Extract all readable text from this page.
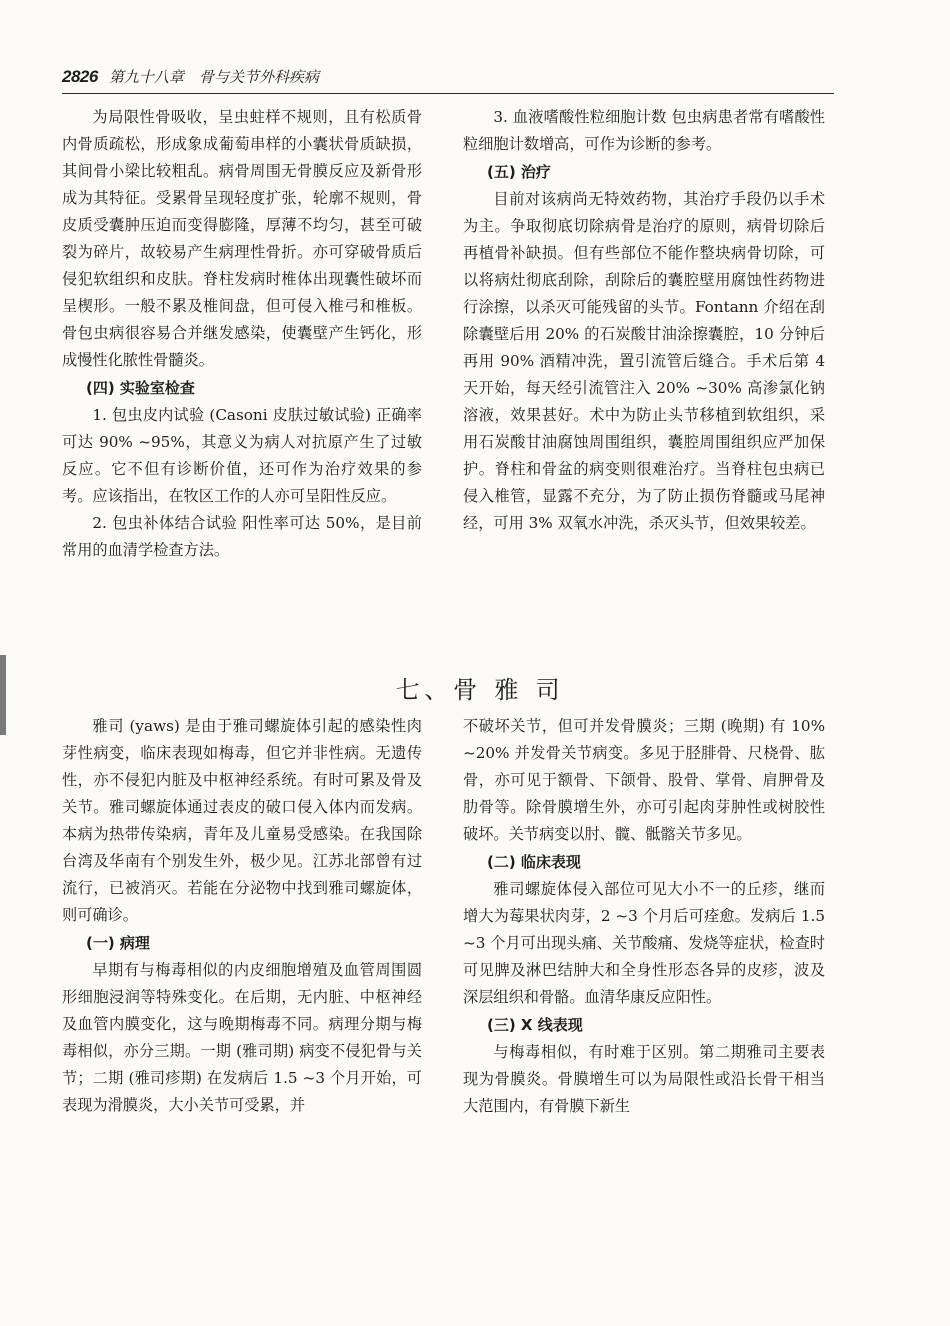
2826 第九十八章 骨与关节外科疾病

为局限性骨吸收，呈虫蛀样不规则，且有松质骨内骨质疏松，形成象成葡萄串样的小囊状骨质缺损，其间骨小梁比较粗乱。病骨周围无骨膜反应及新骨形成为其特征。受累骨呈现轻度扩张，轮廓不规则，骨皮质受囊肿压迫而变得膨隆，厚薄不均匀，甚至可破裂为碎片，故较易产生病理性骨折。亦可穿破骨质后侵犯软组织和皮肤。脊柱发病时椎体出现囊性破坏而呈楔形。一般不累及椎间盘，但可侵入椎弓和椎板。骨包虫病很容易合并继发感染，使囊壁产生钙化，形成慢性化脓性骨髓炎。

(四) 实验室检查

1. 包虫皮内试验 (Casoni 皮肤过敏试验) 正确率可达 90% ~95%，其意义为病人对抗原产生了过敏反应。它不但有诊断价值，还可作为治疗效果的参考。应该指出，在牧区工作的人亦可呈阳性反应。

2. 包虫补体结合试验 阳性率可达 50%，是目前常用的血清学检查方法。

3. 血液嗜酸性粒细胞计数 包虫病患者常有嗜酸性粒细胞计数增高，可作为诊断的参考。

(五) 治疗

目前对该病尚无特效药物，其治疗手段仍以手术为主。争取彻底切除病骨是治疗的原则，病骨切除后再植骨补缺损。但有些部位不能作整块病骨切除，可以将病灶彻底刮除，刮除后的囊腔壁用腐蚀性药物进行涂擦，以杀灭可能残留的头节。Fontann 介绍在刮除囊壁后用 20% 的石炭酸甘油涂擦囊腔，10 分钟后再用 90% 酒精冲洗，置引流管后缝合。手术后第 4 天开始，每天经引流管注入 20% ~30% 高渗氯化钠溶液，效果甚好。术中为防止头节移植到软组织，采用石炭酸甘油腐蚀周围组织，囊腔周围组织应严加保护。脊柱和骨盆的病变则很难治疗。当脊柱包虫病已侵入椎管，显露不充分，为了防止损伤脊髓或马尾神经，可用 3% 双氧水冲洗，杀灭头节，但效果较差。

七、骨 雅 司

雅司 (yaws) 是由于雅司螺旋体引起的感染性肉芽性病变，临床表现如梅毒，但它并非性病。无遗传性，亦不侵犯内脏及中枢神经系统。有时可累及骨及关节。雅司螺旋体通过表皮的破口侵入体内而发病。本病为热带传染病，青年及儿童易受感染。在我国除台湾及华南有个别发生外，极少见。江苏北部曾有过流行，已被消灭。若能在分泌物中找到雅司螺旋体，则可确诊。

(一) 病理

早期有与梅毒相似的内皮细胞增殖及血管周围圆形细胞浸润等特殊变化。在后期，无内脏、中枢神经及血管内膜变化，这与晚期梅毒不同。病理分期与梅毒相似，亦分三期。一期 (雅司期) 病变不侵犯骨与关节；二期 (雅司疹期) 在发病后 1.5 ~3 个月开始，可表现为滑膜炎，大小关节可受累，并

不破坏关节，但可并发骨膜炎；三期 (晚期) 有 10% ~20% 并发骨关节病变。多见于胫腓骨、尺桡骨、肱骨，亦可见于额骨、下颌骨、股骨、掌骨、肩胛骨及肋骨等。除骨膜增生外，亦可引起肉芽肿性或树胶性破坏。关节病变以肘、髋、骶髂关节多见。

(二) 临床表现

雅司螺旋体侵入部位可见大小不一的丘疹，继而增大为莓果状肉芽，2 ~3 个月后可痊愈。发病后 1.5 ~3 个月可出现头痛、关节酸痛、发烧等症状，检查时可见脾及淋巴结肿大和全身性形态各异的皮疹，波及深层组织和骨骼。血清华康反应阳性。

(三) X 线表现

与梅毒相似，有时难于区别。第二期雅司主要表现为骨膜炎。骨膜增生可以为局限性或沿长骨干相当大范围内，有骨膜下新生
